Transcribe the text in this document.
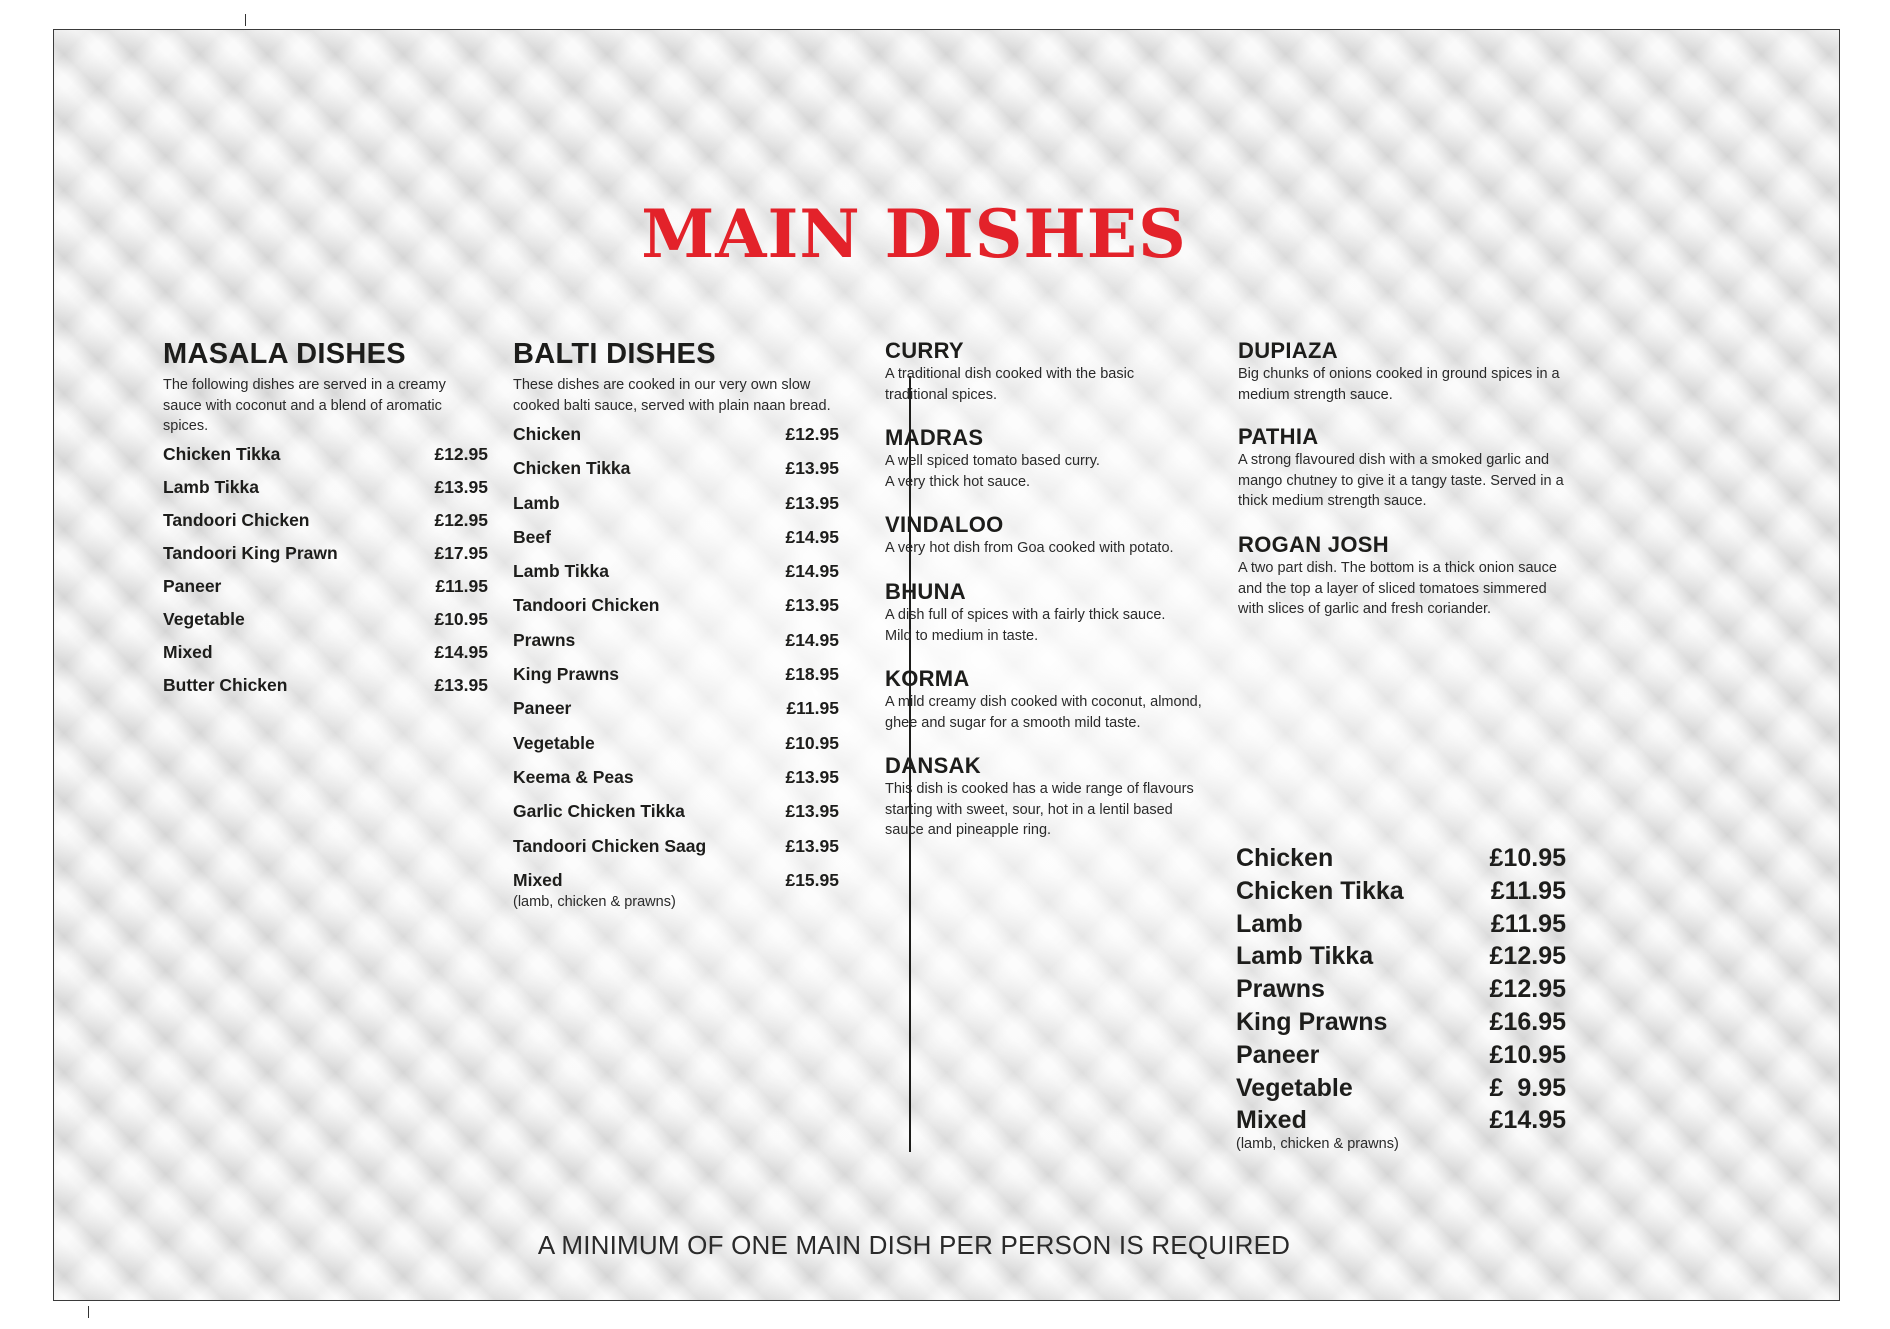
MAIN DISHES
MASALA DISHES
The following dishes are served in a creamy sauce with coconut and a blend of aromatic spices.
Chicken Tikka	£12.95
Lamb Tikka	£13.95
Tandoori Chicken	£12.95
Tandoori King Prawn	£17.95
Paneer	£11.95
Vegetable	£10.95
Mixed	£14.95
Butter Chicken	£13.95
BALTI DISHES
These dishes are cooked in our very own slow cooked balti sauce, served with plain naan bread.
Chicken	£12.95
Chicken Tikka	£13.95
Lamb	£13.95
Beef	£14.95
Lamb Tikka	£14.95
Tandoori Chicken	£13.95
Prawns	£14.95
King Prawns	£18.95
Paneer	£11.95
Vegetable	£10.95
Keema & Peas	£13.95
Garlic Chicken Tikka	£13.95
Tandoori Chicken Saag	£13.95
Mixed	£15.95
(lamb, chicken & prawns)
CURRY
A traditional dish cooked with the basic traditional spices.
MADRAS
A well spiced tomato based curry.
A very thick hot sauce.
VINDALOO
A very hot dish from Goa cooked with potato.
BHUNA
A dish full of spices with a fairly thick sauce.
Mild to medium in taste.
KORMA
A mild creamy dish cooked with coconut, almond, ghee and sugar for a smooth mild taste.
DANSAK
This dish is cooked has a wide range of flavours starting with sweet, sour, hot in a lentil based sauce and pineapple ring.
DUPIAZA
Big chunks of onions cooked in ground spices in a medium strength sauce.
PATHIA
A strong flavoured dish with a smoked garlic and mango chutney to give it a tangy taste. Served in a thick medium strength sauce.
ROGAN JOSH
A two part dish. The bottom is a thick onion sauce and the top a layer of sliced tomatoes simmered with slices of garlic and fresh coriander.
Chicken	£10.95
Chicken Tikka	£11.95
Lamb	£11.95
Lamb Tikka	£12.95
Prawns	£12.95
King Prawns	£16.95
Paneer	£10.95
Vegetable	£  9.95
Mixed	£14.95
(lamb, chicken & prawns)
A MINIMUM OF ONE MAIN DISH PER PERSON IS REQUIRED
